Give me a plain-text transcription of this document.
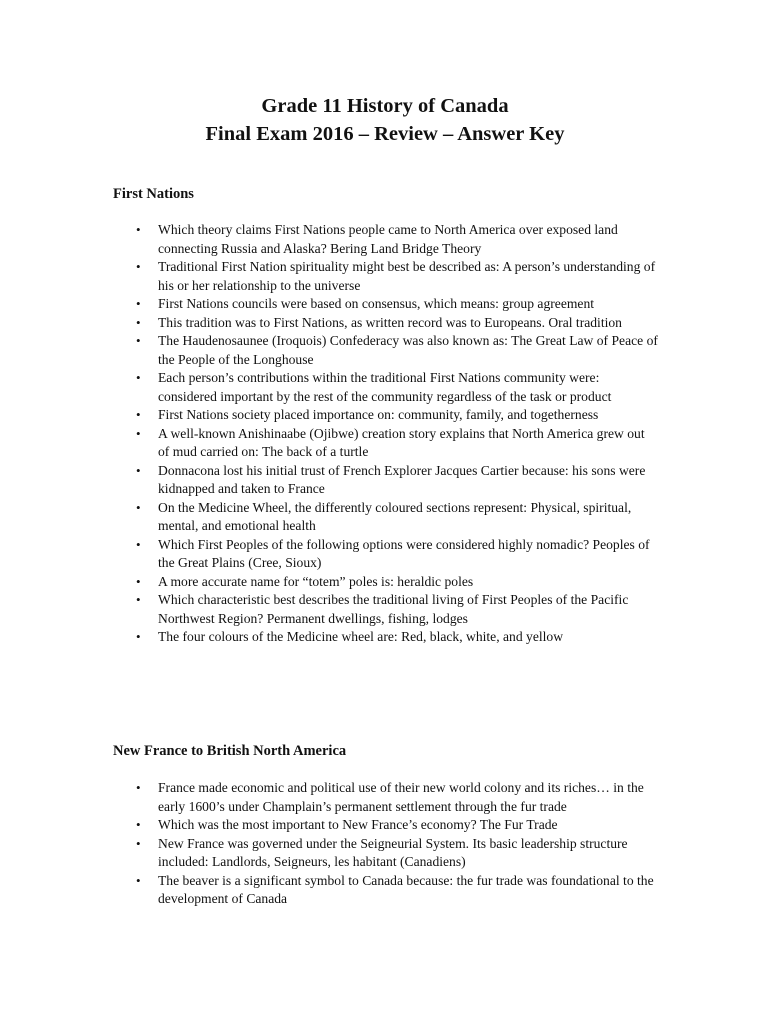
Grade 11 History of Canada
Final Exam 2016 – Review – Answer Key
First Nations
• Which theory claims First Nations people came to North America over exposed land connecting Russia and Alaska? Bering Land Bridge Theory
• Traditional First Nation spirituality might best be described as: A person’s understanding of his or her relationship to the universe
• First Nations councils were based on consensus, which means: group agreement
• This tradition was to First Nations, as written record was to Europeans. Oral tradition
• The Haudenosaunee (Iroquois) Confederacy was also known as: The Great Law of Peace of the People of the Longhouse
• Each person’s contributions within the traditional First Nations community were: considered important by the rest of the community regardless of the task or product
• First Nations society placed importance on: community, family, and togetherness
• A well-known Anishinaabe (Ojibwe) creation story explains that North America grew out of mud carried on: The back of a turtle
• Donnacona lost his initial trust of French Explorer Jacques Cartier because: his sons were kidnapped and taken to France
• On the Medicine Wheel, the differently coloured sections represent: Physical, spiritual, mental, and emotional health
• Which First Peoples of the following options were considered highly nomadic? Peoples of the Great Plains (Cree, Sioux)
• A more accurate name for “totem” poles is: heraldic poles
• Which characteristic best describes the traditional living of First Peoples of the Pacific Northwest Region? Permanent dwellings, fishing, lodges
• The four colours of the Medicine wheel are: Red, black, white, and yellow
New France to British North America
• France made economic and political use of their new world colony and its riches… in the early 1600’s under Champlain’s permanent settlement through the fur trade
• Which was the most important to New France’s economy? The Fur Trade
• New France was governed under the Seigneurial System. Its basic leadership structure included: Landlords, Seigneurs, les habitant (Canadiens)
• The beaver is a significant symbol to Canada because: the fur trade was foundational to the development of Canada
